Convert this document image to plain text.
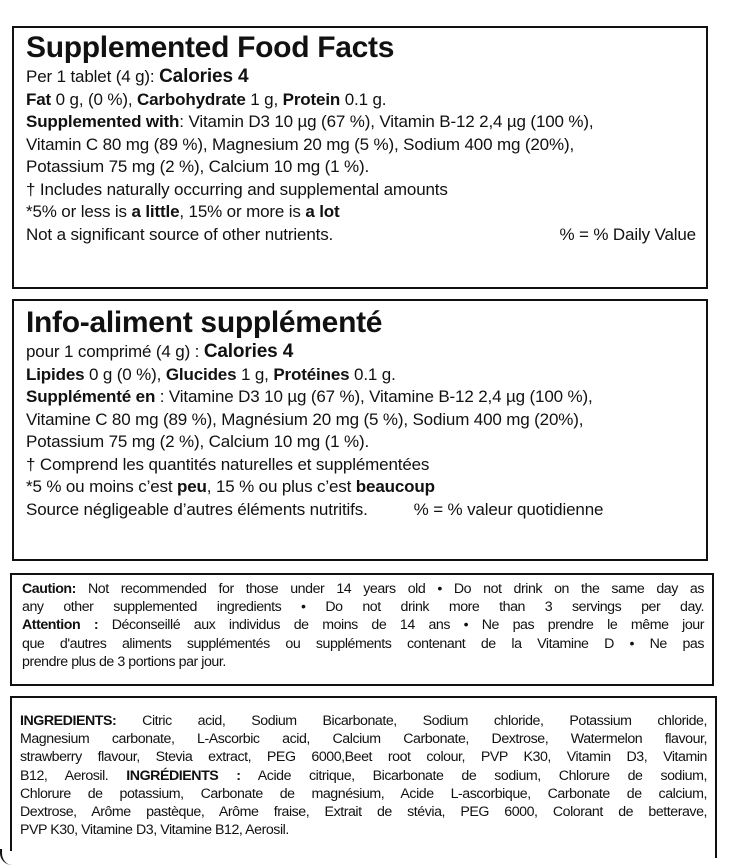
Supplemented Food Facts
Per 1 tablet (4 g): Calories 4
Fat 0 g, (0 %), Carbohydrate 1 g, Protein 0.1 g.
Supplemented with: Vitamin D3 10 µg (67 %), Vitamin B-12 2,4 µg (100 %),
Vitamin C 80 mg (89 %), Magnesium 20 mg (5 %), Sodium 400 mg (20%),
Potassium 75 mg (2 %), Calcium 10 mg (1 %).
† Includes naturally occurring and supplemental amounts
*5% or less is a little, 15% or more is a lot
Not a significant source of other nutrients.	% = % Daily Value
Info-aliment supplémenté
pour 1 comprimé (4 g) : Calories 4
Lipides 0 g (0 %), Glucides 1 g, Protéines 0.1 g.
Supplémenté en : Vitamine D3 10 µg (67 %), Vitamine B-12 2,4 µg (100 %),
Vitamine C 80 mg (89 %), Magnésium 20 mg (5 %), Sodium 400 mg (20%),
Potassium 75 mg (2 %), Calcium 10 mg (1 %).
† Comprend les quantités naturelles et supplémentées
*5 % ou moins c’est peu, 15 % ou plus c’est beaucoup
Source négligeable d’autres éléments nutritifs.	% = % valeur quotidienne
Caution: Not recommended for those under 14 years old • Do not drink on the same day as
any other supplemented ingredients • Do not drink more than 3 servings per day.
Attention : Déconseillé aux individus de moins de 14 ans • Ne pas prendre le même jour
que d'autres aliments supplémentés ou suppléments contenant de la Vitamine D • Ne pas
prendre plus de 3 portions par jour.
INGREDIENTS: Citric acid, Sodium Bicarbonate, Sodium chloride, Potassium chloride,
Magnesium carbonate, L-Ascorbic acid, Calcium Carbonate, Dextrose, Watermelon flavour,
strawberry flavour, Stevia extract, PEG 6000,Beet root colour, PVP K30, Vitamin D3, Vitamin
B12, Aerosil. INGRÉDIENTS : Acide citrique, Bicarbonate de sodium, Chlorure de sodium,
Chlorure de potassium, Carbonate de magnésium, Acide L-ascorbique, Carbonate de calcium,
Dextrose, Arôme pastèque, Arôme fraise, Extrait de stévia, PEG 6000, Colorant de betterave,
PVP K30, Vitamine D3, Vitamine B12, Aerosil.
